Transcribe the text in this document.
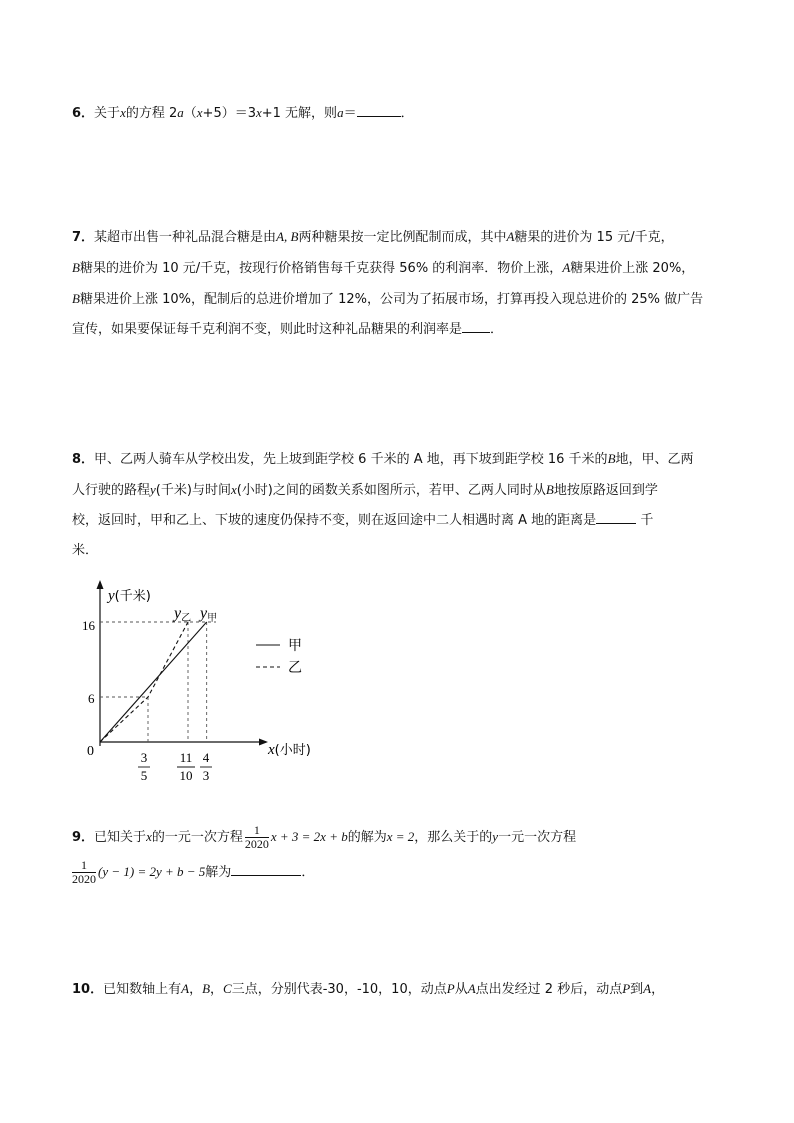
6．关于x的方程 2a（x+5）＝3x+1 无解，则a＝	．
7．某超市出售一种礼品混合糖是由A, B两种糖果按一定比例配制而成，其中A糖果的进价为 15 元/千克，
B糖果的进价为 10 元/千克，按现行价格销售每千克获得 56% 的利润率．物价上涨，A糖果进价上涨 20%，
B糖果进价上涨 10%，配制后的总进价增加了 12%，公司为了拓展市场，打算再投入现总进价的 25% 做广告
宣传，如果要保证每千克利润不变，则此时这种礼品糖果的利润率是 ．
8．甲、乙两人骑车从学校出发，先上坡到距学校 6 千米的 A 地，再下坡到距学校 16 千米的B地，甲、乙两
人行驶的路程y(千米)与时间x(小时)之间的函数关系如图所示，若甲、乙两人同时从B地按原路返回到学
校，返回时，甲和乙上、下坡的速度仍保持不变，则在返回途中二人相遇时离 A 地的距离是	千
米．
y(千米)
x(小时)
0
16
6
3
5
11
10
4
3
y乙 y甲
甲
乙
9．已知关于x的一元一次方程 $\frac{1}{2020}$ x + 3 = 2x + b的解为x = 2，那么关于的y一元一次方程
$\frac{1}{2020} (y - 1) = 2y + b - 5$解为	．
10．已知数轴上有A，B，C三点，分别代表-30，-10，10，动点P从A点出发经过 2 秒后，动点P到A，
